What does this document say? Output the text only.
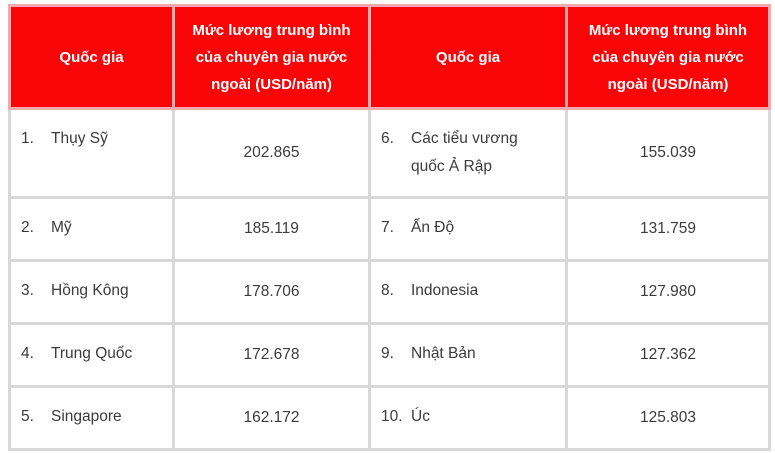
Quốc gia	Mức lương trung bình của chuyên gia nước ngoài (USD/năm)	Quốc gia	Mức lương trung bình của chuyên gia nước ngoài (USD/năm)

1. Thụy Sỹ	202.865	6. Các tiểu vương quốc Ả Rập	155.039

2. Mỹ	185.119	7. Ấn Độ	131.759

3. Hồng Kông	178.706	8. Indonesia	127.980

4. Trung Quốc	172.678	9. Nhật Bản	127.362

5. Singapore	162.172	10. Úc	125.803
